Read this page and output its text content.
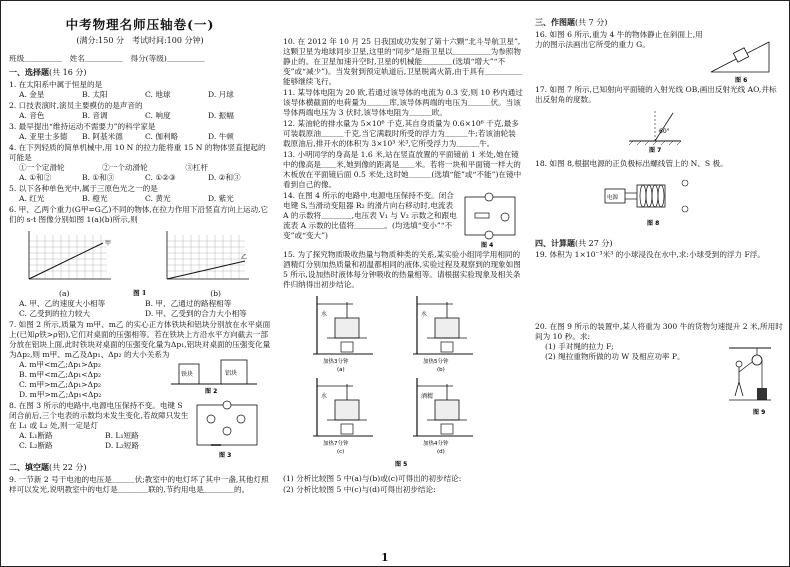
中考物理名师压轴卷(一)
(满分:150 分　考试时间:100 分钟)
班级＿＿＿＿＿　姓名＿＿＿＿＿　得分(等级)＿＿＿＿＿
一、选择题(共 16 分)
1. 在太阳系中属于恒星的是
A. 金星	B. 太阳	C. 地球	D. 月球
2. 口技表演时,演员主要模仿的是声音的
A. 音色	B. 音调	C. 响度	D. 振幅
3. 最早提出“维持运动不需要力”的科学家是
A. 亚里士多德	B. 阿基米德	C. 伽利略	D. 牛顿
4. 在下列轻质的简单机械中,用 10 N 的拉力能将重 15 N 的物体竖直提起的可能是
①一个定滑轮	②一个动滑轮	③杠杆
A. ①和②	B. ①和③	C. ①②③	D. ②和③
5. 以下各种单色光中,属于三原色光之一的是
A. 红光	B. 橙光	C. 黄光	D. 紫光
6. 甲、乙两个重力(G甲=G乙)不同的物体,在拉力作用下沿竖直方向上运动,它们的 s-t 图像分别如图 1(a)(b)所示,则
甲
乙
(a)	图 1	(b)
A. 甲、乙的速度大小相等	B. 甲、乙通过的路程相等
C. 乙受到的拉力较大	D. 甲、乙受到的合力大小相等
7. 如图 2 所示,质量为 m甲、m乙 的实心正方体铁块和铝块分别放在水平桌面上(已知ρ铁>ρ铝),它们对桌面的压强相等。若在铁块上方沿水平方向截去一部分放在铝块上面,此时铁块对桌面的压强变化量为Δp₁,铝块对桌面的压强变化量为Δp₂,则 m甲、m乙及Δp₁、Δp₂ 的大小关系为
A. m甲<m乙;Δp₁>Δp₂
B. m甲<m乙;Δp₁<Δp₂
C. m甲>m乙;Δp₁>Δp₂
D. m甲>m乙;Δp₁<Δp₂
铁块	铝块
图 2
8. 在图 3 所示的电路中,电源电压保持不变。电键 S 闭合前后,三个电表的示数均未发生变化,若故障只发生在 L₁ 或 L₂ 处,则一定是灯
A. L₁断路	B. L₁短路
C. L₂断路	D. L₂短路
图 3
二、填空题(共 22 分)
9. 一节新 2 号干电池的电压是＿＿＿伏;教室中的电灯坏了其中一盏,其他灯照样可以发光,说明教室中的电灯是＿＿＿＿联的,节约用电是＿＿＿＿的。
10. 在 2012 年 10 月 25 日我国成功发射了第十六颗“北斗导航卫星”,这颗卫星为地球同步卫星,这里的“同步”是指卫星以＿＿＿＿＿为参照物静止的。在卫星加速升空时,卫星的机械能＿＿＿＿(选填“增大”“不变”或“减少”)。当发射到预定轨道后,卫星脱离火箭,由于具有＿＿＿＿＿能够继续飞行。
11. 某导体电阻为 20 欧,若通过该导体的电流为 0.3 安,则 10 秒内通过该导体横截面的电荷量为＿＿＿库,该导体两端的电压为＿＿＿伏。当该导体两端电压为 3 伏时,该导体电阻为＿＿＿欧。
12. 某油轮的排水量为 5×10⁶ 千克,其自身质量为 0.6×10⁶ 千克,最多可装载原油＿＿＿千克,当它满载时所受的浮力为＿＿＿牛;若该油轮装载原油后,排开水的体积为 3×10³ 米³,它所受浮力为＿＿＿牛。
13. 小明同学的身高是 1.6 米,站在竖直放置的平面镜前 1 米处,她在镜中的像高是＿＿米,她到像的距离是＿＿米。若将一块和平面镜一样大的木板放在平面镜后面 0.5 米处,这时她＿＿＿(选填“能”或“不能”)在镜中看到自己的像。
14. 在图 4 所示的电路中,电源电压保持不变。闭合电键 S,当滑动变阻器 R₂ 的滑片向右移动时,电流表 A 的示数将＿＿＿＿,电压表 V₁ 与 V₂ 示数之和跟电流表 A 示数的比值将＿＿＿＿。(均选填“变小”“不变”或“变大”)
图 4
15. 为了探究物质吸收热量与物质种类的关系,某实验小组同学用相同的酒精灯分别加热质量和初温都相同的液体,实验过程及观察到的现象如图 5 所示,设加热时液体每分钟吸收的热量相等。请根据实验现象及相关条件归纳得出初步结论。
水
加热3分钟
(a)
水
加热5分钟
(b)
水
加热7分钟
(c)
酒精
加热4分钟
(d)
图 5
(1) 分析比较图 5 中(a)与(b)或(c)可得出的初步结论:
(2) 分析比较图 5 中(c)与(d)可得出初步结论:
三、作图题(共 7 分)
16. 如图 6 所示,重为 4 牛的物体静止在斜面上,用力的图示法画出它所受的重力 G。
图 6
17. 如图 7 所示,已知射向平面镜的入射光线 OB,画出反射光线 AO,并标出反射角的度数。
60°
图 7
18. 如图 8,根据电源的正负极标出螺线管上的 N、S 极。
电源
图 8
四、计算题(共 27 分)
19. 体积为 1×10⁻³米³ 的小球浸没在水中,求:小球受到的浮力 F浮。
20. 在图 9 所示的装置中,某人将重为 300 牛的货物匀速提升 2 米,所用时间为 10 秒。求:
(1) 手对绳的拉力 F;
(2) 绳拉重物所做的功 W 及相应功率 P。
图 9
1
